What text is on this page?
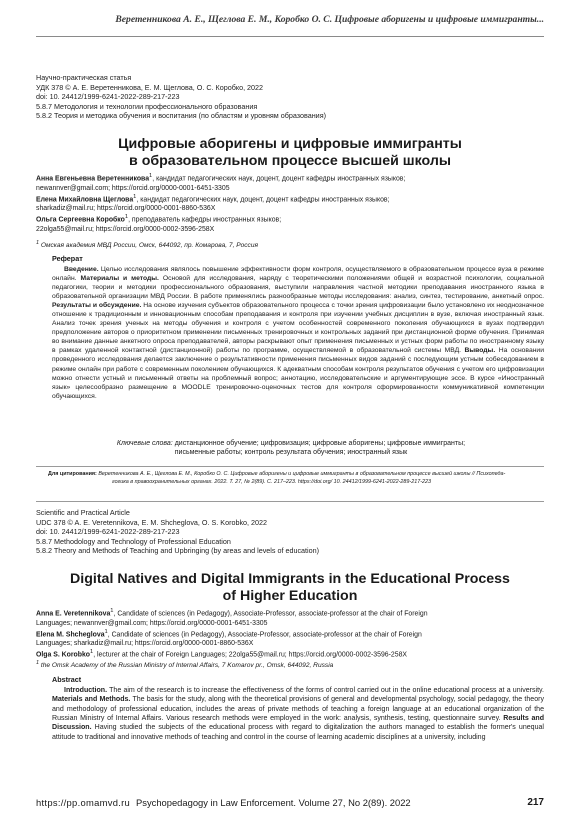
Веретенникова А. Е., Щеглова Е. М., Коробко О. С. Цифровые аборигены и цифровые иммигранты...
Научно-практическая статья
УДК 378 © А. Е. Веретенникова, Е. М. Щеглова, О. С. Коробко, 2022
doi: 10. 24412/1999-6241-2022-289-217-223
5.8.7 Методология и технологии профессионального образования
5.8.2 Теория и методика обучения и воспитания (по областям и уровням образования)
Цифровые аборигены и цифровые иммигранты
в образовательном процессе высшей школы
Анна Евгеньевна Веретенникова$^1$, кандидат педагогических наук, доцент, доцент кафедры иностранных языков;
newannver@gmail.com; https://orcid.org/0000-0001-6451-3305
Елена Михайловна Щеглова$^1$, кандидат педагогических наук, доцент, доцент кафедры иностранных языков;
sharkadiz@mail.ru; https://orcid.org/0000-0001-8860-536X
Ольга Сергеевна Коробко$^1$, преподаватель кафедры иностранных языков;
22olga55@mail.ru; https://orcid.org/0000-0002-3596-258X
$^1$ Омская академия МВД России, Омск, 644092, пр. Комарова, 7, Россия
Реферат

Введение. Целью исследования являлось повышение эффективности форм контроля, осуществляемого в образовательном процессе вуза в режиме онлайн. Материалы и методы. Основой для исследования, наряду с теоретическими положениями общей и возрастной психологии, социальной педагогики, теории и методики профессионального образования, выступили направления частной методики преподавания иностранного языка в образовательной организации МВД России. В работе применялись разнообразные методы исследования: анализ, синтез, тестирование, анкетный опрос. Результаты и обсуждение. На основе изучения субъектов образовательного процесса с точки зрения цифровизации было установлено их неоднозначное отношение к традиционным и инновационным способам преподавания и контроля при изучении учебных дисциплин в вузе, включая иностранный язык. Анализ точек зрения ученых на методы обучения и контроля с учетом особенностей современного поколения обучающихся в вузах подтвердил предположение авторов о приоритетном применении письменных тренировочных и контрольных заданий при дистанционной форме обучения. Принимая во внимание данные анкетного опроса преподавателей, авторы раскрывают опыт применения письменных и устных форм работы по иностранному языку в рамках удаленной контактной (дистанционной) работы по программе, осуществляемой в образовательной системы МВД. Выводы. На основании проведенного исследования делается заключение о результативности применения письменных видов заданий с последующим устным собеседованием в режиме онлайн при работе с современным поколением обучающихся. К адекватным способам контроля результатов обучения с учетом его цифровизации можно отнести устный и письменный ответы на проблемный вопрос; аннотацию, исследовательские и аргументирующие эссе. В курсе «Иностранный язык» целесообразно размещение в MOODLE тренировочно-оценочных тестов для контроля сформированности коммуникативной компетенции обучающихся.

Ключевые слова: дистанционное обучение; цифровизация; цифровые аборигены; цифровые иммигранты;
письменные работы; контроль результата обучения; иностранный язык
Для цитирования: Веретенникова А. Е., Щеглова Е. М., Коробко О. С. Цифровые аборигены и цифровые иммигранты в образовательном процессе высшей школы // Психопеда-
гогика в правоохранительных органах. 2022. Т. 27, № 2(89). С. 217–223. https://doi.org/ 10. 24412/1999-6241-2022-289-217-223
Scientific and Practical Article
UDC 378 © A. E. Veretennikova, E. M. Shcheglova, O. S. Korobko, 2022
doi: 10. 24412/1999-6241-2022-289-217-223
5.8.7 Methodology and Technology of Professional Education
5.8.2 Theory and Methods of Teaching and Upbringing (by areas and levels of education)
Digital Natives and Digital Immigrants in the Educational Process
of Higher Education
Anna E. Veretennikova$^1$, Candidate of sciences (in Pedagogy), Associate-Professor, associate-professor at the chair of Foreign
Languages; newannver@gmail.com; https://orcid.org/0000-0001-6451-3305
Elena M. Shcheglova$^1$, Candidate of sciences (in Pedagogy), Associate-Professor, associate-professor at the chair of Foreign
Languages; sharkadiz@mail.ru; https://orcid.org/0000-0001-8860-536X
Olga S. Korobko$^1$, lecturer at the chair of Foreign Languages; 22olga55@mail.ru; https://orcid.org/0000-0002-3596-258X
$^1$ the Omsk Academy of the Russian Ministry of Internal Affairs, 7 Komarov pr., Omsk, 644092, Russia
Abstract

Introduction. The aim of the research is to increase the effectiveness of the forms of control carried out in the online educational process at a university. Materials and Methods. The basis for the study, along with the theoretical provisions of general and developmental psychology, social pedagogy, the theory and methodology of professional education, includes the areas of private methods of teaching a foreign language at an educational organization of the Russian Ministry of Internal Affairs. Various research methods were employed in the work: analysis, synthesis, testing, questionnaire survey. Results and Discussion. Having studied the subjects of the educational process with regard to digitalization the authors managed to establish the former's unequal attitude to traditional and innovative methods of teaching and control in the course of learning academic disciplines at a university, including

https://pp.omamvd.ru Psychopedagogy in Law Enforcement. Volume 27, No 2(89). 2022	217
